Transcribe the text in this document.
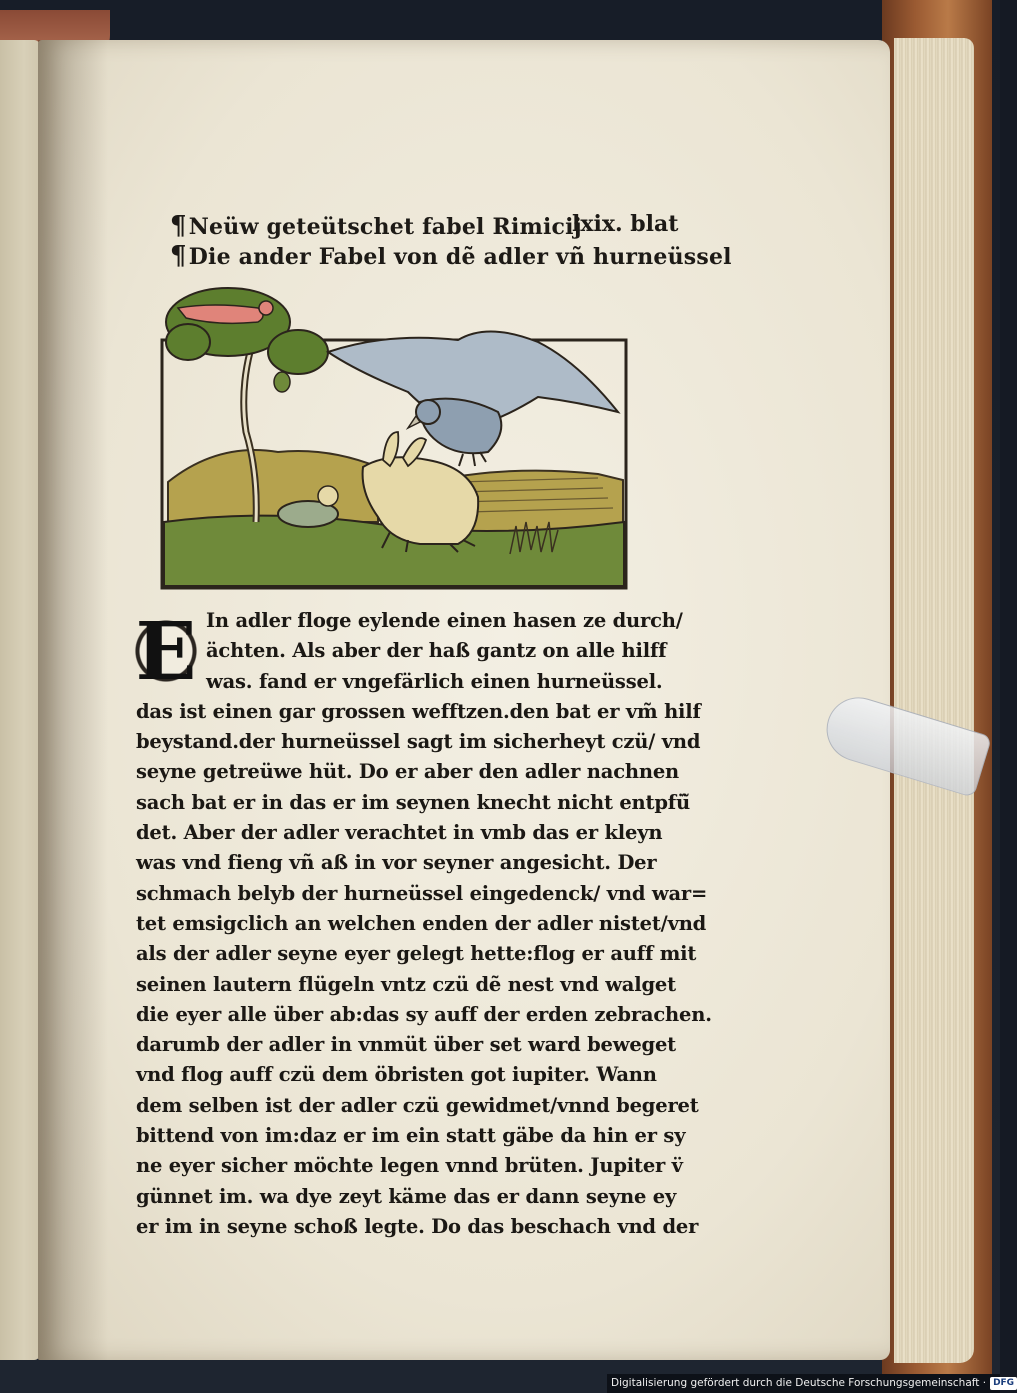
¶Neüw geteütschet fabel Rimicij
lxix. blat
¶Die ander Fabel von dẽ adler vñ hurneüssel
E In adler floge eylende einen hasen ze durch/
ächten. Als aber der haß gantz on alle hilff
was. fand er vngefärlich einen hurneüssel.
das ist einen gar grossen wefftzen.den bat er vm̃ hilf
beystand.der hurneüssel sagt im sicherheyt czü/ vnd
seyne getreüwe hüt. Do er aber den adler nachnen
sach bat er in das er im seynen knecht nicht entpfü̃
det. Aber der adler verachtet in vmb das er kleyn
was vnd fieng vñ aß in vor seyner angesicht. Der
schmach belyb der hurneüssel eingedenck/ vnd war=
tet emsigclich an welchen enden der adler nistet/vnd
als der adler seyne eyer gelegt hette:flog er auff mit
seinen lautern flügeln vntz czü dẽ nest vnd walget
die eyer alle über ab:das sy auff der erden zebrachen.
darumb der adler in vnmüt über set ward beweget
vnd flog auff czü dem öbristen got iupiter. Wann
dem selben ist der adler czü gewidmet/vnnd begeret
bittend von im:daz er im ein statt gäbe da hin er sy
ne eyer sicher möchte legen vnnd brüten. Jupiter v̈
günnet im. wa dye zeyt käme das er dann seyne ey
er im in seyne schoß legte. Do das beschach vnd der
Digitalisierung gefördert durch die Deutsche Forschungsgemeinschaft · DFG
